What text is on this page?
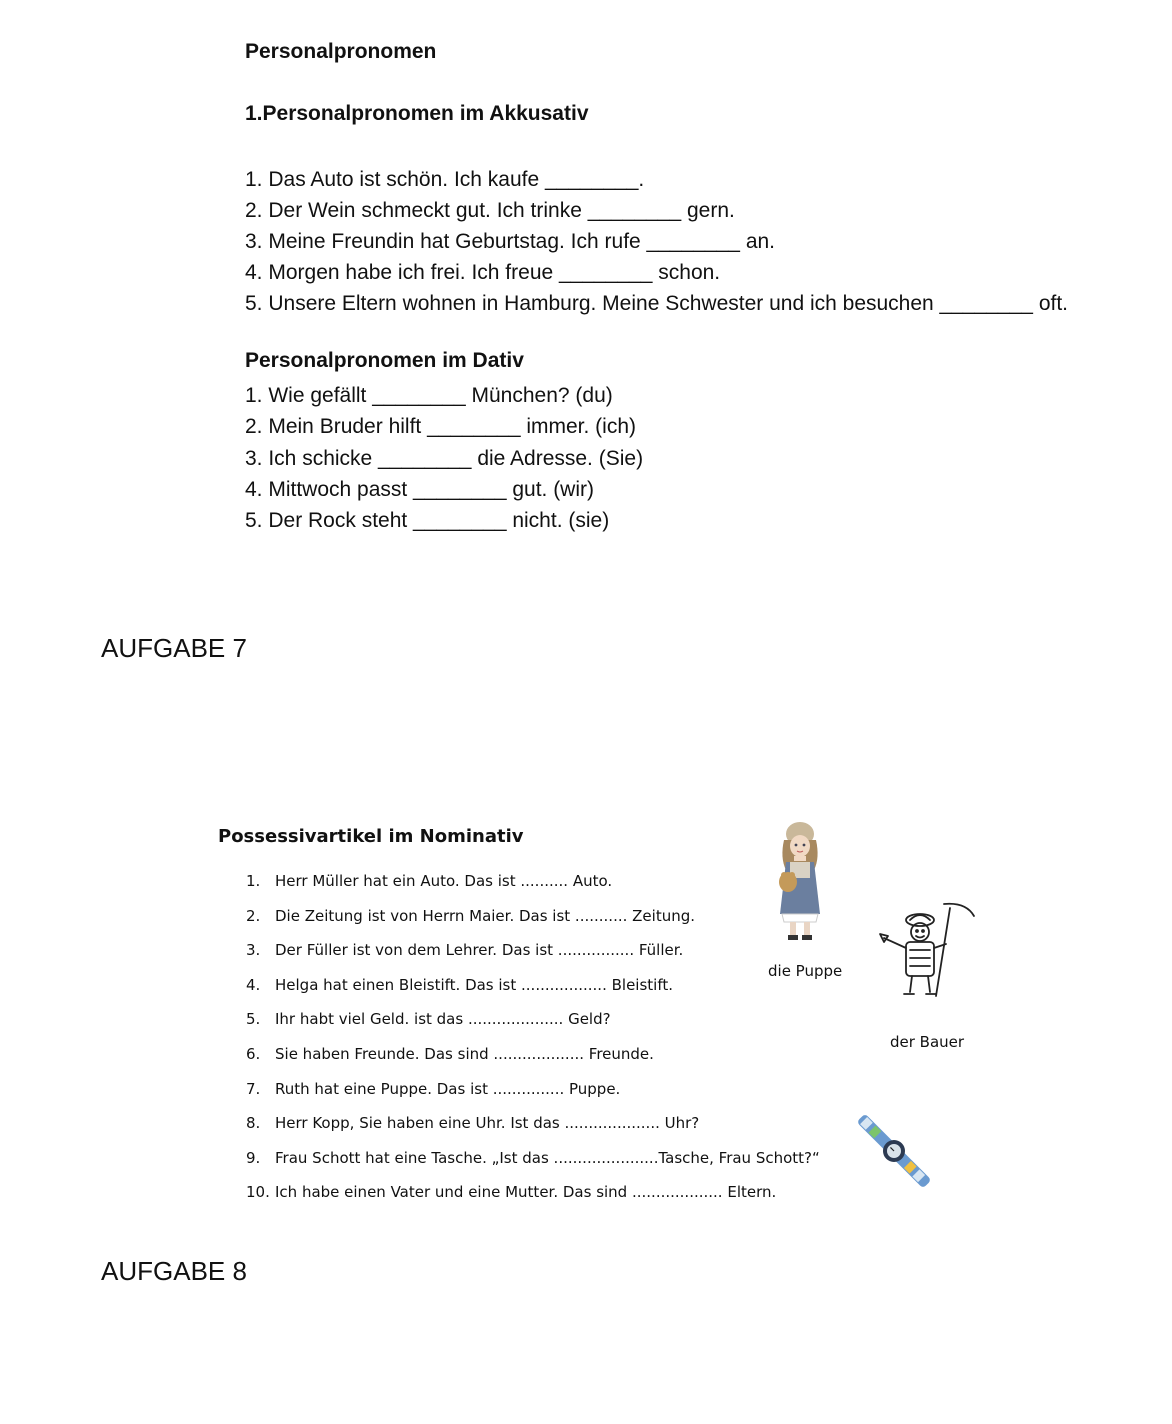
Personalpronomen
1.Personalpronomen im Akkusativ
1. Das Auto ist schön. Ich kaufe ________.
2. Der Wein schmeckt gut. Ich trinke ________ gern.
3. Meine Freundin hat Geburtstag. Ich rufe ________ an.
4. Morgen habe ich frei. Ich freue ________ schon.
5. Unsere Eltern wohnen in Hamburg. Meine Schwester und ich besuchen ________ oft.
Personalpronomen im Dativ
1. Wie gefällt ________ München? (du)
2. Mein Bruder hilft ________ immer. (ich)
3. Ich schicke ________ die Adresse. (Sie)
4. Mittwoch passt ________ gut. (wir)
5. Der Rock steht ________ nicht. (sie)
AUFGABE 7
Possessivartikel im Nominativ
1. Herr Müller hat ein Auto. Das ist .......... Auto.
2. Die Zeitung ist von Herrn Maier. Das ist ........... Zeitung.
3. Der Füller ist von dem Lehrer. Das ist ................ Füller.
4. Helga hat einen Bleistift. Das ist .................. Bleistift.
5. Ihr habt viel Geld. ist das .................... Geld?
6. Sie haben Freunde. Das sind ................... Freunde.
7. Ruth hat eine Puppe. Das ist ............... Puppe.
8. Herr Kopp, Sie haben eine Uhr. Ist das .................... Uhr?
9. Frau Schott hat eine Tasche. „Ist das ......................Tasche, Frau Schott?“
10. Ich habe einen Vater und eine Mutter. Das sind ................... Eltern.
die Puppe
der Bauer
AUFGABE 8
